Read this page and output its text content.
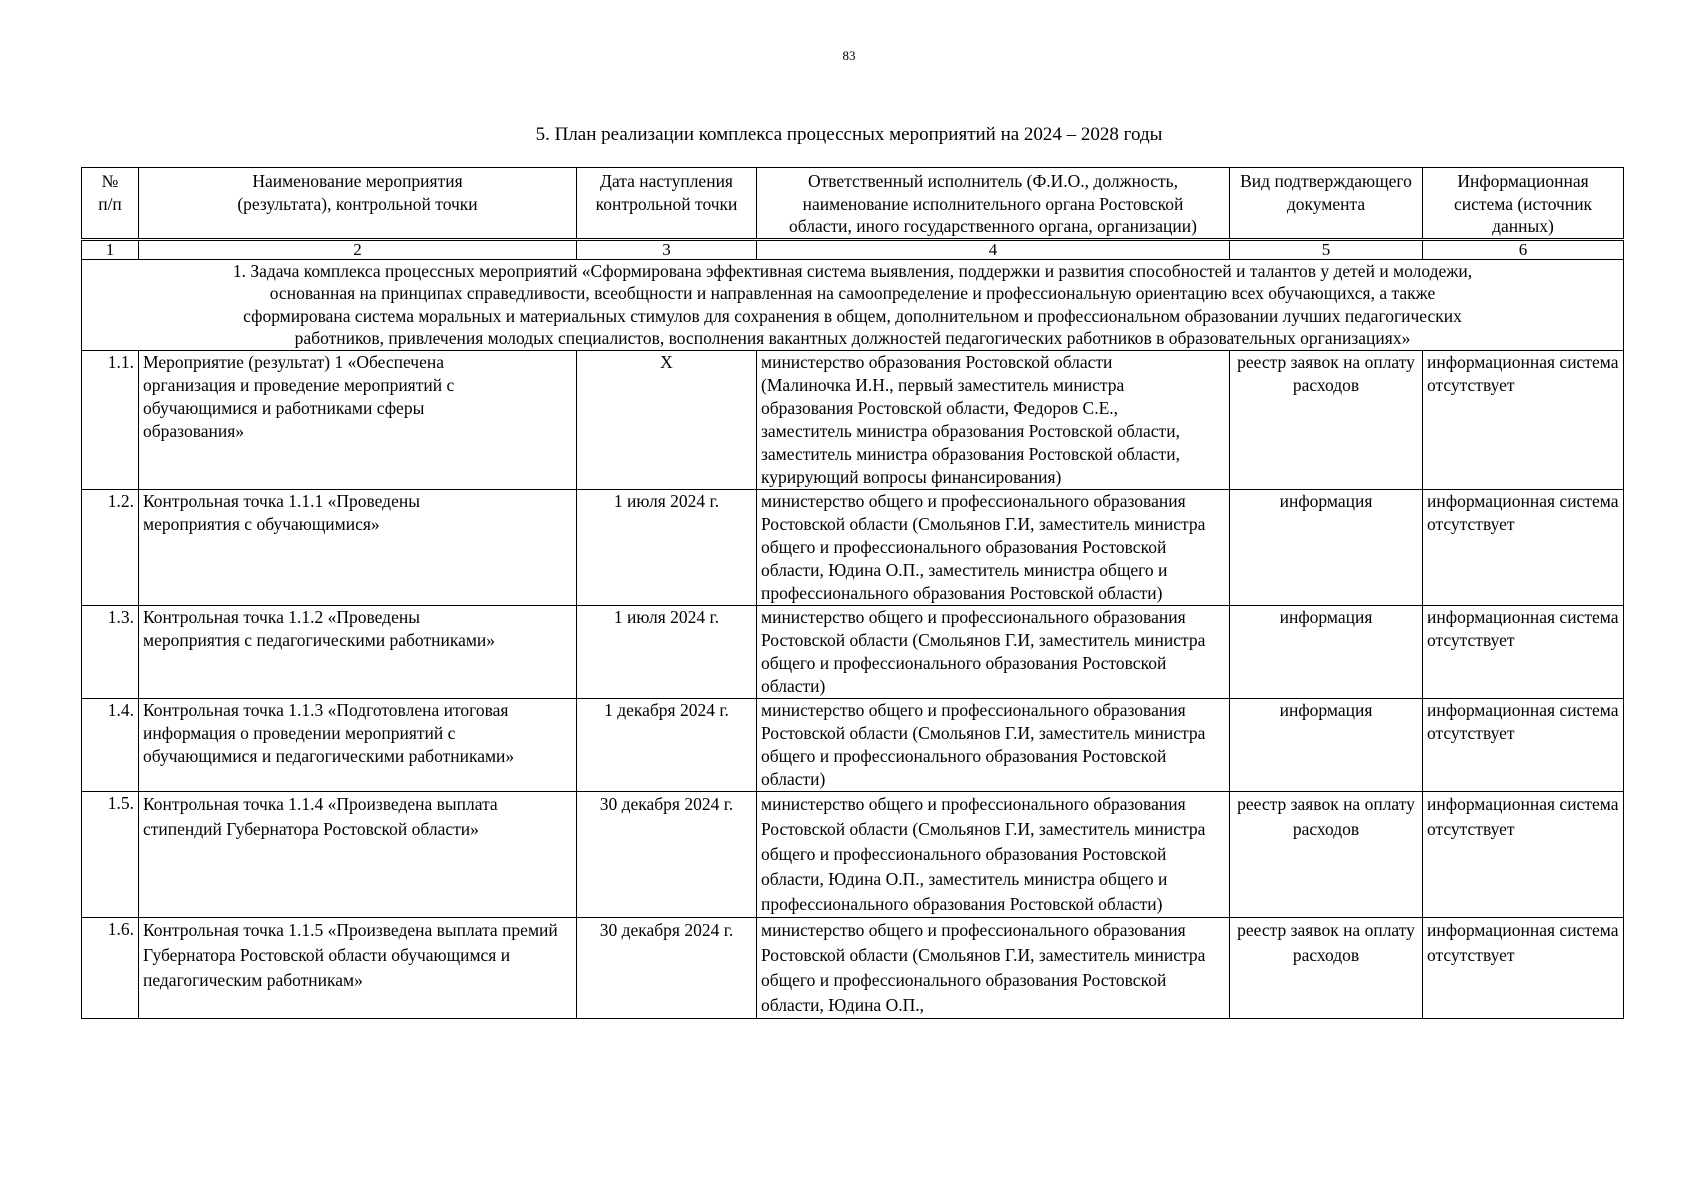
83
5. План реализации комплекса процессных мероприятий на 2024 – 2028 годы
№ п/п	Наименование мероприятия (результата), контрольной точки	Дата наступления контрольной точки	Ответственный исполнитель (Ф.И.О., должность, наименование исполнительного органа Ростовской области, иного государственного органа, организации)	Вид подтверждающего документа	Информационная система (источник данных)
1	2	3	4	5	6
1. Задача комплекса процессных мероприятий «Сформирована эффективная система выявления, поддержки и развития способностей и талантов у детей и молодежи, основанная на принципах справедливости, всеобщности и направленная на самоопределение и профессиональную ориентацию всех обучающихся, а также сформирована система моральных и материальных стимулов для сохранения в общем, дополнительном и профессиональном образовании лучших педагогических работников, привлечения молодых специалистов, восполнения вакантных должностей педагогических работников в образовательных организациях»					
1.1.	Мероприятие (результат) 1 «Обеспечена организация и проведение мероприятий с обучающимися и работниками сферы образования»	X	министерство образования Ростовской области (Малиночка И.Н., первый заместитель министра образования Ростовской области, Федоров С.Е., заместитель министра образования Ростовской области, заместитель министра образования Ростовской области, курирующий вопросы финансирования)	реестр заявок на оплату расходов	информационная система отсутствует
1.2.	Контрольная точка 1.1.1 «Проведены мероприятия с обучающимися»	1 июля 2024 г.	министерство общего и профессионального образования Ростовской области (Смольянов Г.И, заместитель министра общего и профессионального образования Ростовской области, Юдина О.П., заместитель министра общего и профессионального образования Ростовской области)	информация	информационная система отсутствует
1.3.	Контрольная точка 1.1.2 «Проведены мероприятия с педагогическими работниками»	1 июля 2024 г.	министерство общего и профессионального образования Ростовской области (Смольянов Г.И, заместитель министра общего и профессионального образования Ростовской области)	информация	информационная система отсутствует
1.4.	Контрольная точка 1.1.3 «Подготовлена итоговая информация о проведении мероприятий с обучающимися и педагогическими работниками»	1 декабря 2024 г.	министерство общего и профессионального образования Ростовской области (Смольянов Г.И, заместитель министра общего и профессионального образования Ростовской области)	информация	информационная система отсутствует
1.5.	Контрольная точка 1.1.4 «Произведена выплата стипендий Губернатора Ростовской области»	30 декабря 2024 г.	министерство общего и профессионального образования Ростовской области (Смольянов Г.И, заместитель министра общего и профессионального образования Ростовской области, Юдина О.П., заместитель министра общего и профессионального образования Ростовской области)	реестр заявок на оплату расходов	информационная система отсутствует
1.6.	Контрольная точка 1.1.5 «Произведена выплата премий Губернатора Ростовской области обучающимся и педагогическим работникам»	30 декабря 2024 г.	министерство общего и профессионального образования Ростовской области (Смольянов Г.И, заместитель министра общего и профессионального образования Ростовской области, Юдина О.П.,	реестр заявок на оплату расходов	информационная система отсутствует
